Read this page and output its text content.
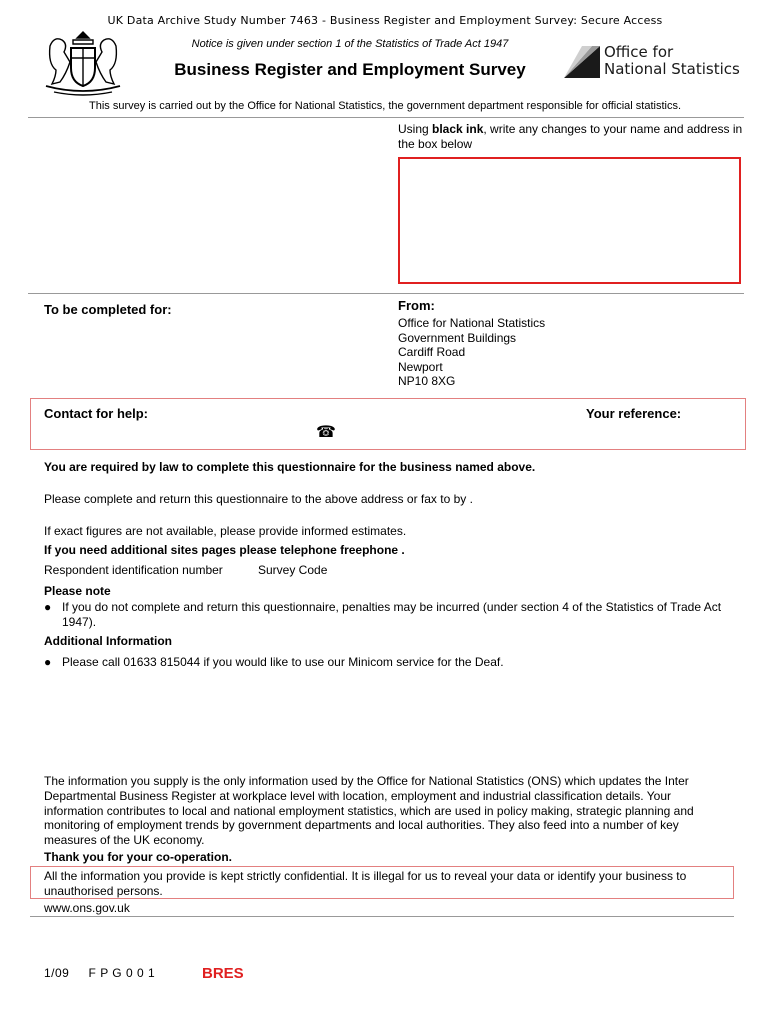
UK Data Archive Study Number 7463 - Business Register and Employment Survey: Secure Access
Notice is given under section 1 of the Statistics of Trade Act 1947
Business Register and Employment Survey
Office for
National Statistics
This survey is carried out by the Office for National Statistics, the government department responsible for official statistics.
Using black ink, write any changes to your name and address in the box below
To be completed for:	From:
Office for National Statistics
Government Buildings
Cardiff Road
Newport
NP10 8XG
Contact for help:	Your reference:
☎
You are required by law to complete this questionnaire for the business named above.
Please complete and return this questionnaire to the above address or fax to by .
If exact figures are not available, please provide informed estimates.
If you need additional sites pages please telephone freephone .
Respondent identification number	Survey Code
Please note
● If you do not complete and return this questionnaire, penalties may be incurred (under section 4 of the Statistics of Trade Act 1947).
Additional Information
● Please call 01633 815044 if you would like to use our Minicom service for the Deaf.
The information you supply is the only information used by the Office for National Statistics (ONS) which updates the Inter Departmental Business Register at workplace level with location, employment and industrial classification details. Your information contributes to local and national employment statistics, which are used in policy making, strategic planning and monitoring of employment trends by government departments and local authorities. They also feed into a number of key measures of the UK economy.
Thank you for your co-operation.
All the information you provide is kept strictly confidential. It is illegal for us to reveal your data or identify your business to unauthorised persons.
www.ons.gov.uk
1/09     F P G 0 0 1	BRES
